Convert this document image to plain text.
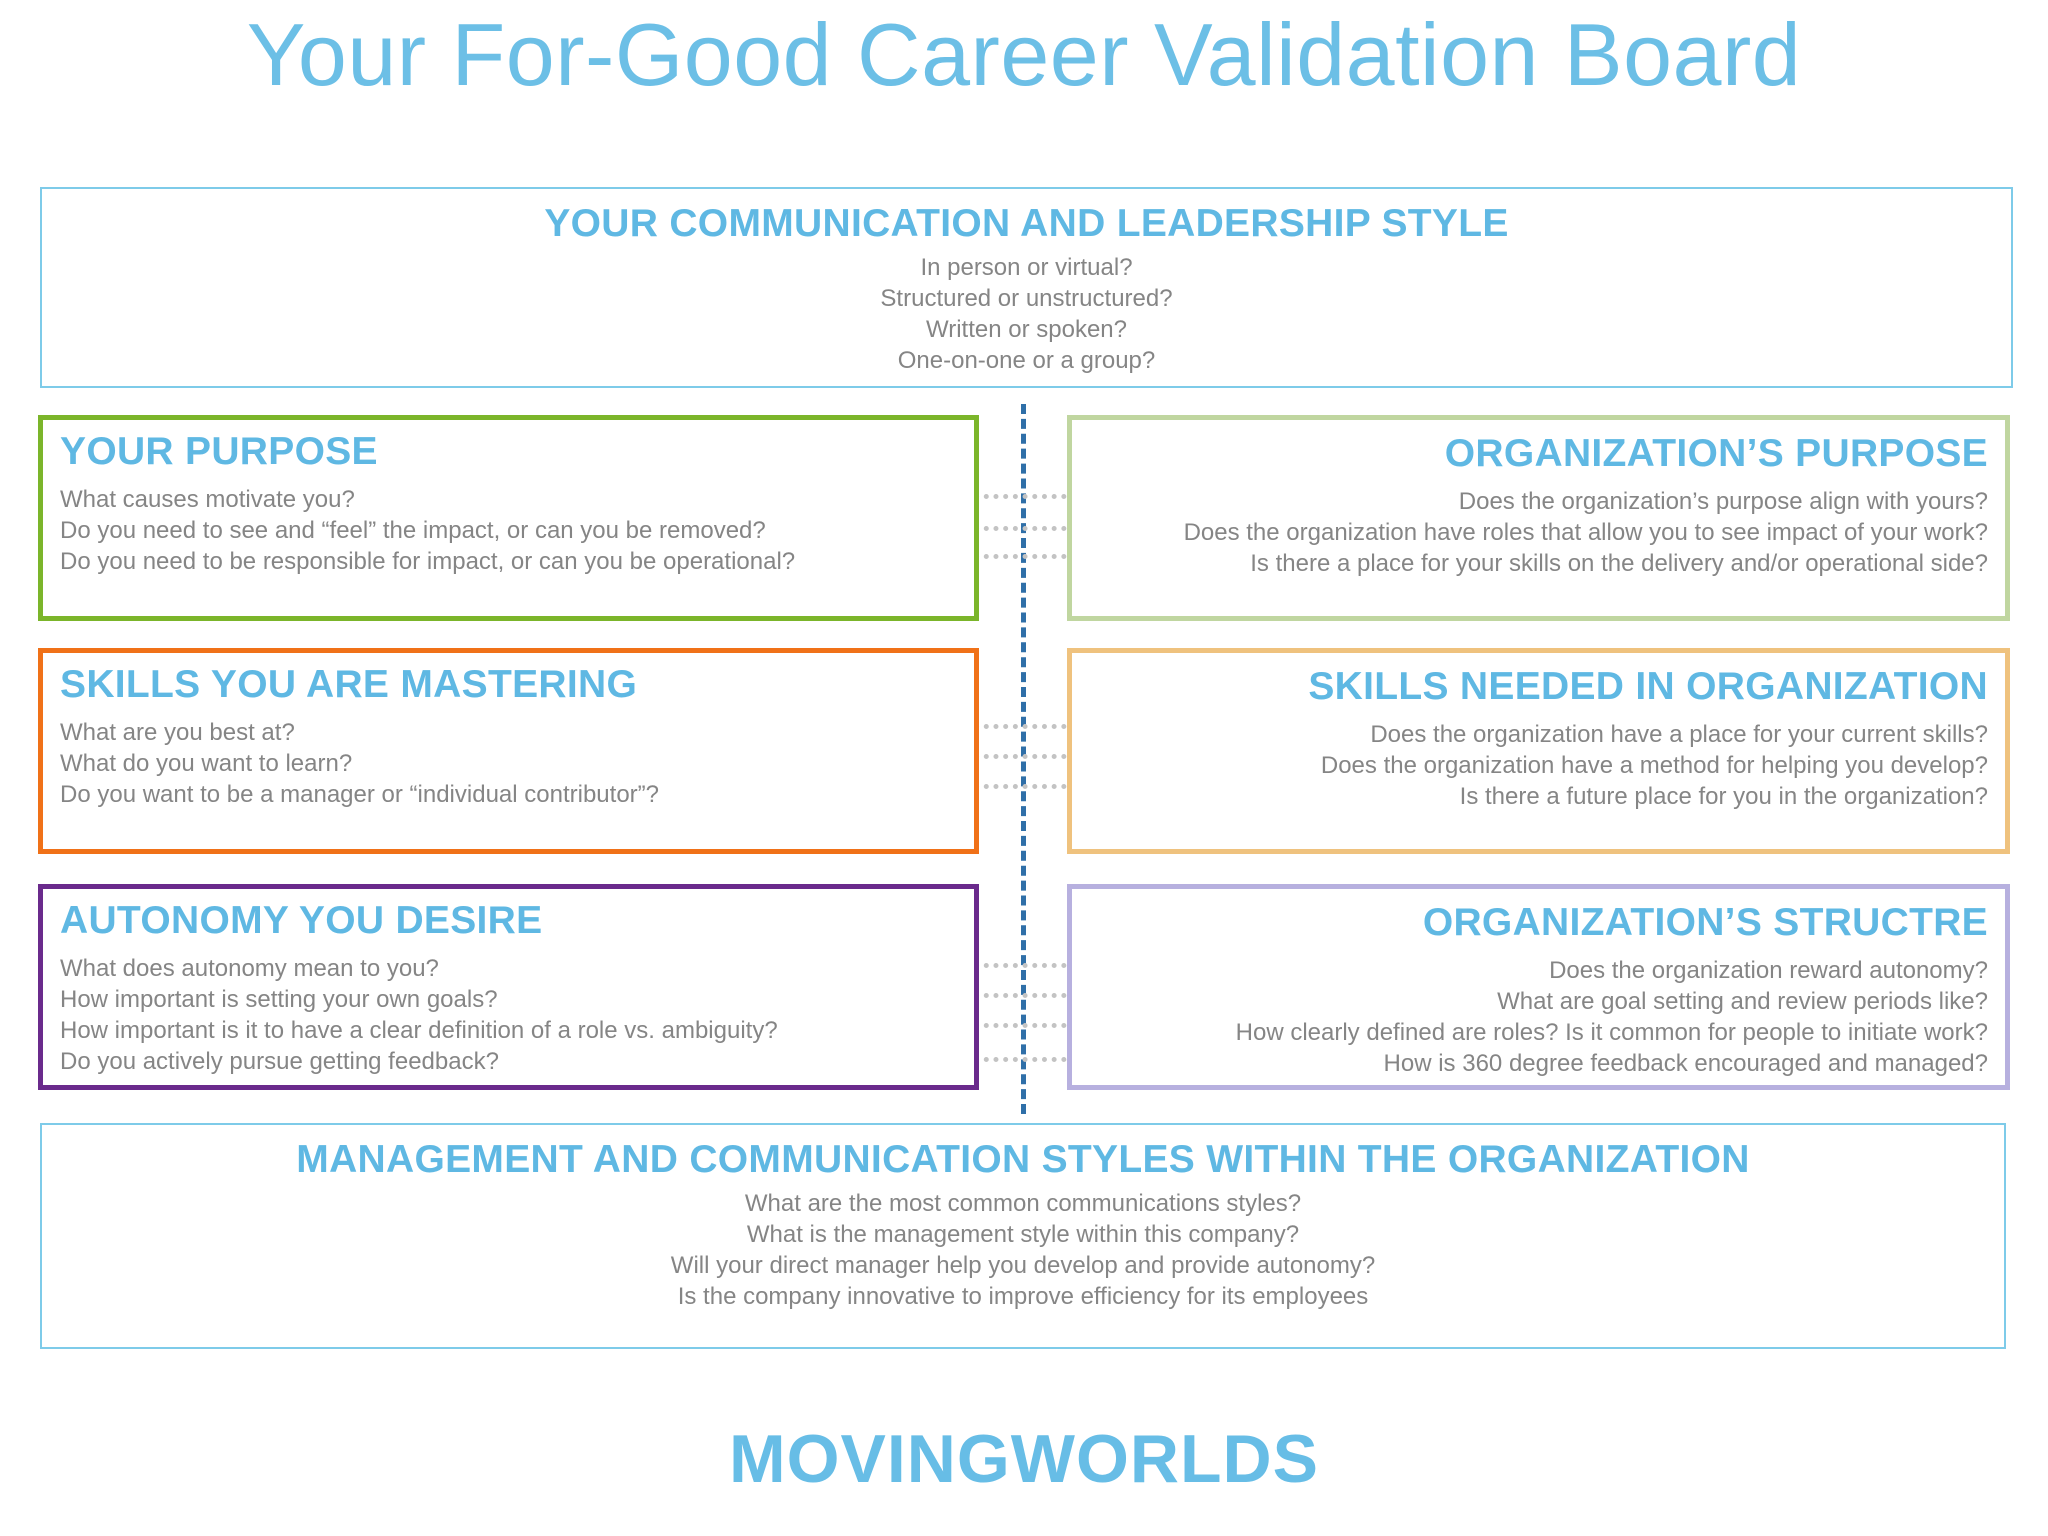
Your For-Good Career Validation Board
YOUR COMMUNICATION AND LEADERSHIP STYLE
In person or virtual?
Structured or unstructured?
Written or spoken?
One-on-one or a group?
YOUR PURPOSE
What causes motivate you?
Do you need to see and “feel” the impact, or can you be removed?
Do you need to be responsible for impact, or can you be operational?
SKILLS YOU ARE MASTERING
What are you best at?
What do you want to learn?
Do you want to be a manager or “individual contributor”?
AUTONOMY YOU DESIRE
What does autonomy mean to you?
How important is setting your own goals?
How important is it to have a clear definition of a role vs. ambiguity?
Do you actively pursue getting feedback?
ORGANIZATION’S PURPOSE
Does the organization’s purpose align with yours?
Does the organization have roles that allow you to see impact of your work?
Is there a place for your skills on the delivery and/or operational side?
SKILLS NEEDED IN ORGANIZATION
Does the organization have a place for your current skills?
Does the organization have a method for helping you develop?
Is there a future place for you in the organization?
ORGANIZATION’S STRUCTRE
Does the organization reward autonomy?
What are goal setting and review periods like?
How clearly defined are roles? Is it common for people to initiate work?
How is 360 degree feedback encouraged and managed?
MANAGEMENT AND COMMUNICATION STYLES WITHIN THE ORGANIZATION
What are the most common communications styles?
What is the management style within this company?
Will your direct manager help you develop and provide autonomy?
Is the company innovative to improve efficiency for its employees
MOVINGWORLDS
